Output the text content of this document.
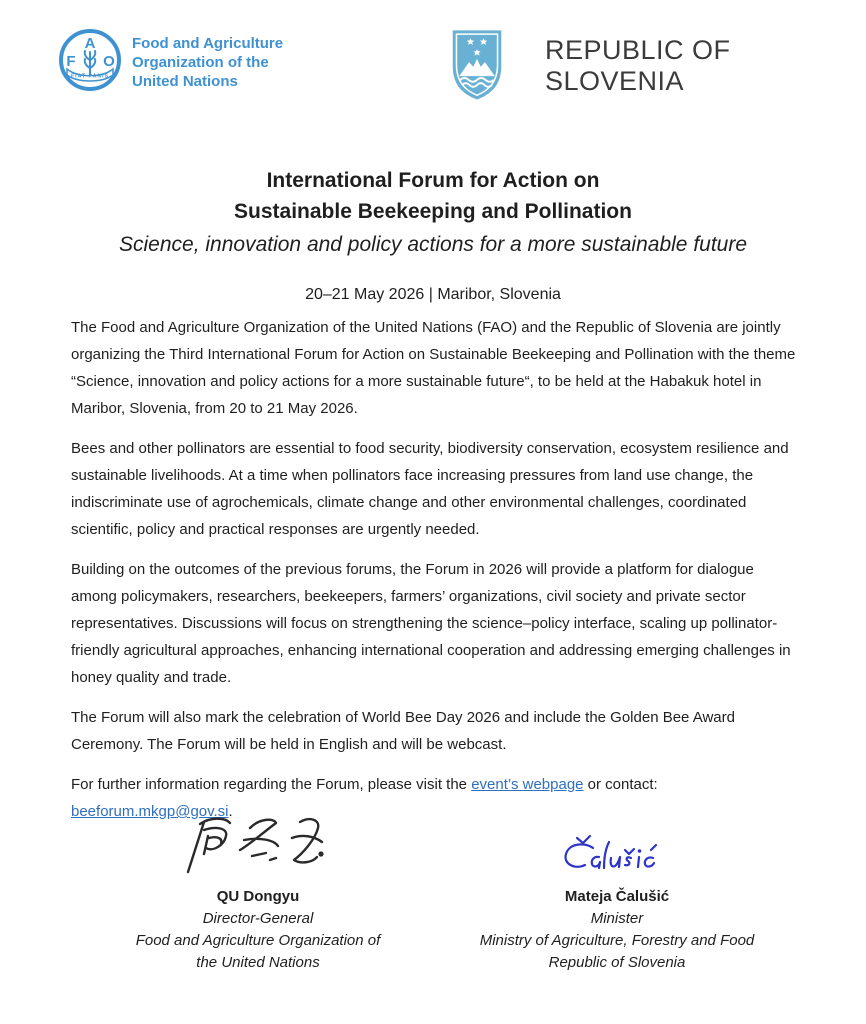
F
A
O
FIAT PANIS
Food and Agriculture
Organization of the
United Nations
REPUBLIC OF SLOVENIA

International Forum for Action on

Sustainable Beekeeping and Pollination

Science, innovation and policy actions for a more sustainable future

20–21 May 2026 | Maribor, Slovenia

The Food and Agriculture Organization of the United Nations (FAO) and the Republic of Slovenia are jointly organizing the Third International Forum for Action on Sustainable Beekeeping and Pollination with the theme “Science, innovation and policy actions for a more sustainable future“, to be held at the Habakuk hotel in Maribor, Slovenia, from 20 to 21 May 2026.

Bees and other pollinators are essential to food security, biodiversity conservation, ecosystem resilience and sustainable livelihoods. At a time when pollinators face increasing pressures from land use change, the indiscriminate use of agrochemicals, climate change and other environmental challenges, coordinated scientific, policy and practical responses are urgently needed.

Building on the outcomes of the previous forums, the Forum in 2026 will provide a platform for dialogue among policymakers, researchers, beekeepers, farmers’ organizations, civil society and private sector representatives. Discussions will focus on strengthening the science–policy interface, scaling up pollinator-friendly agricultural approaches, enhancing international cooperation and addressing emerging challenges in honey quality and trade.

The Forum will also mark the celebration of World Bee Day 2026 and include the Golden Bee Award Ceremony. The Forum will be held in English and will be webcast.

For further information regarding the Forum, please visit the event’s webpage or contact:
beeforum.mkgp@gov.si.

QU Dongyu
Director-General
Food and Agriculture Organization of
the United Nations
Mateja Čalušić
Minister
Ministry of Agriculture, Forestry and Food
Republic of Slovenia
